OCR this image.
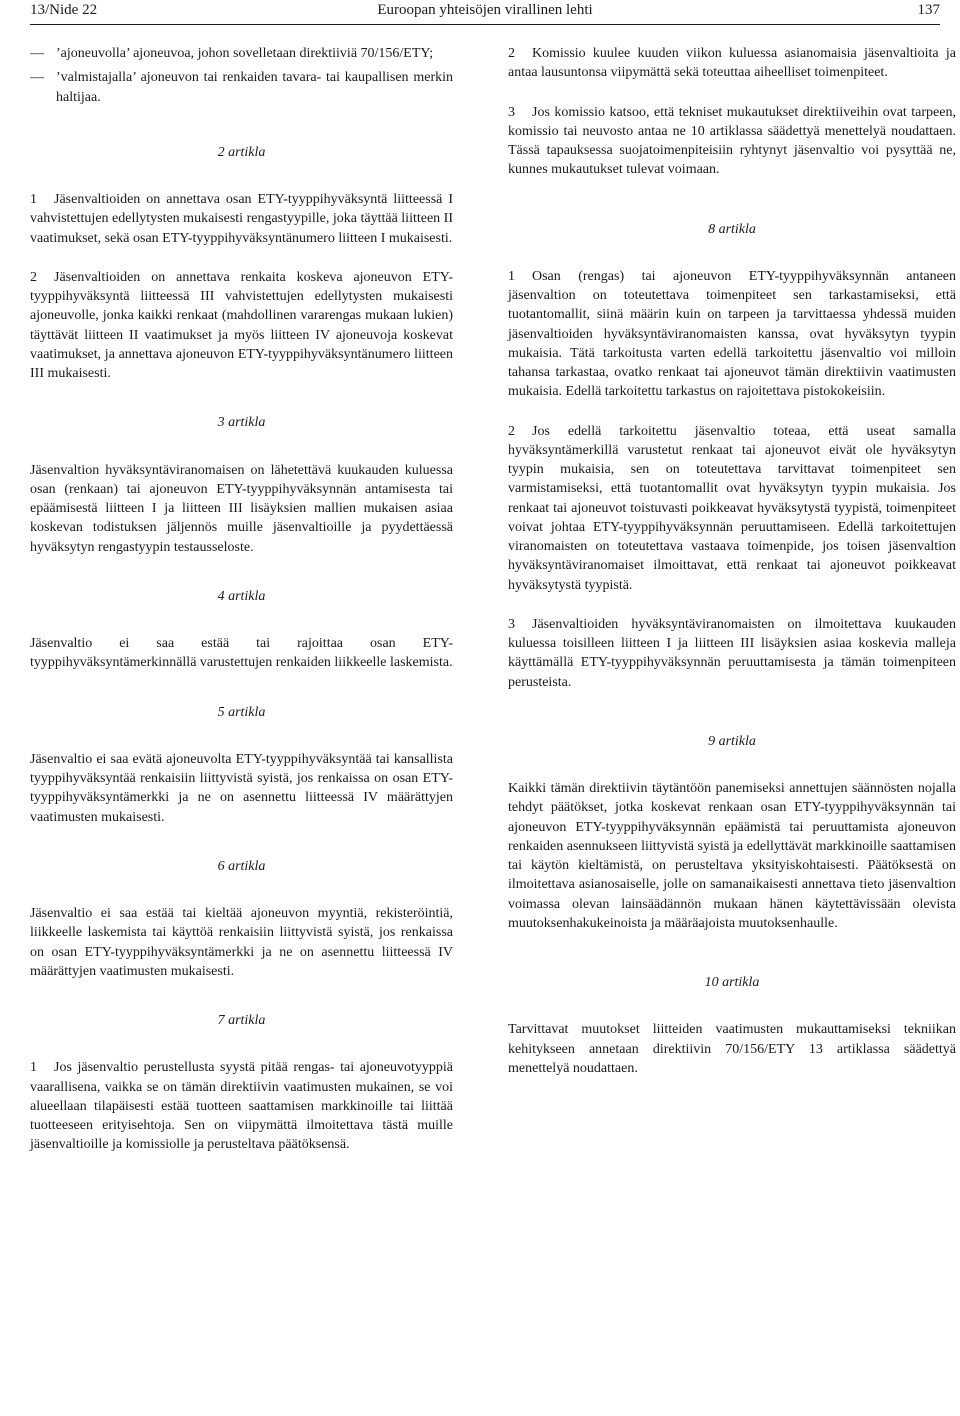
13/Nide 22	Euroopan yhteisöjen virallinen lehti	137
— ’ajoneuvolla’ ajoneuvoa, johon sovelletaan direktiiviä 70/156/ETY;
— ’valmistajalla’ ajoneuvon tai renkaiden tavara- tai kaupallisen merkin haltijaa.
2 artikla

1 Jäsenvaltioiden on annettava osan ETY-tyyppihyväksyntä liitteessä I vahvistettujen edellytysten mukaisesti rengastyypille, joka täyttää liitteen II vaatimukset, sekä osan ETY-tyyppihyväksyntänumero liitteen I mukaisesti.

2 Jäsenvaltioiden on annettava renkaita koskeva ajoneuvon ETY-tyyppihyväksyntä liitteessä III vahvistettujen edellytysten mukaisesti ajoneuvolle, jonka kaikki renkaat (mahdollinen vararengas mukaan lukien) täyttävät liitteen II vaatimukset ja myös liitteen IV ajoneuvoja koskevat vaatimukset, ja annettava ajoneuvon ETY-tyyppihyväksyntänumero liitteen III mukaisesti.

3 artikla

Jäsenvaltion hyväksyntäviranomaisen on lähetettävä kuukauden kuluessa osan (renkaan) tai ajoneuvon ETY-tyyppihyväksynnän antamisesta tai epäämisestä liitteen I ja liitteen III lisäyksien mallien mukaisen asiaa koskevan todistuksen jäljennös muille jäsenvaltioille ja pyydettäessä hyväksytyn rengastyypin testausseloste.

4 artikla

Jäsenvaltio ei saa estää tai rajoittaa osan ETY-tyyppihyväksyntämerkinnällä varustettujen renkaiden liikkeelle laskemista.

5 artikla

Jäsenvaltio ei saa evätä ajoneuvolta ETY-tyyppihyväksyntää tai kansallista tyyppihyväksyntää renkaisiin liittyvistä syistä, jos renkaissa on osan ETY-tyyppihyväksyntämerkki ja ne on asennettu liitteessä IV määrättyjen vaatimusten mukaisesti.

6 artikla

Jäsenvaltio ei saa estää tai kieltää ajoneuvon myyntiä, rekisteröintiä, liikkeelle laskemista tai käyttöä renkaisiin liittyvistä syistä, jos renkaissa on osan ETY-tyyppihyväksyntämerkki ja ne on asennettu liitteessä IV määrättyjen vaatimusten mukaisesti.

7 artikla

1 Jos jäsenvaltio perustellusta syystä pitää rengas- tai ajoneuvotyyppiä vaarallisena, vaikka se on tämän direktiivin vaatimusten mukainen, se voi alueellaan tilapäisesti estää tuotteen saattamisen markkinoille tai liittää tuotteeseen erityisehtoja. Sen on viipymättä ilmoitettava tästä muille jäsenvaltioille ja komissiolle ja perusteltava päätöksensä.

2 Komissio kuulee kuuden viikon kuluessa asianomaisia jäsenvaltioita ja antaa lausuntonsa viipymättä sekä toteuttaa aiheelliset toimenpiteet.

3 Jos komissio katsoo, että tekniset mukautukset direktiiveihin ovat tarpeen, komissio tai neuvosto antaa ne 10 artiklassa säädettyä menettelyä noudattaen. Tässä tapauksessa suojatoimenpiteisiin ryhtynyt jäsenvaltio voi pysyttää ne, kunnes mukautukset tulevat voimaan.

8 artikla

1 Osan (rengas) tai ajoneuvon ETY-tyyppihyväksynnän antaneen jäsenvaltion on toteutettava toimenpiteet sen tarkastamiseksi, että tuotantomallit, siinä määrin kuin on tarpeen ja tarvittaessa yhdessä muiden jäsenvaltioiden hyväksyntäviranomaisten kanssa, ovat hyväksytyn tyypin mukaisia. Tätä tarkoitusta varten edellä tarkoitettu jäsenvaltio voi milloin tahansa tarkastaa, ovatko renkaat tai ajoneuvot tämän direktiivin vaatimusten mukaisia. Edellä tarkoitettu tarkastus on rajoitettava pistokokeisiin.

2 Jos edellä tarkoitettu jäsenvaltio toteaa, että useat samalla hyväksyntämerkillä varustetut renkaat tai ajoneuvot eivät ole hyväksytyn tyypin mukaisia, sen on toteutettava tarvittavat toimenpiteet sen varmistamiseksi, että tuotantomallit ovat hyväksytyn tyypin mukaisia. Jos renkaat tai ajoneuvot toistuvasti poikkeavat hyväksytystä tyypistä, toimenpiteet voivat johtaa ETY-tyyppihyväksynnän peruuttamiseen. Edellä tarkoitettujen viranomaisten on toteutettava vastaava toimenpide, jos toisen jäsenvaltion hyväksyntäviranomaiset ilmoittavat, että renkaat tai ajoneuvot poikkeavat hyväksytystä tyypistä.

3 Jäsenvaltioiden hyväksyntäviranomaisten on ilmoitettava kuukauden kuluessa toisilleen liitteen I ja liitteen III lisäyksien asiaa koskevia malleja käyttämällä ETY-tyyppihyväksynnän peruuttamisesta ja tämän toimenpiteen perusteista.

9 artikla

Kaikki tämän direktiivin täytäntöön panemiseksi annettujen säännösten nojalla tehdyt päätökset, jotka koskevat renkaan osan ETY-tyyppihyväksynnän tai ajoneuvon ETY-tyyppihyväksynnän epäämistä tai peruuttamista ajoneuvon renkaiden asennukseen liittyvistä syistä ja edellyttävät markkinoille saattamisen tai käytön kieltämistä, on perusteltava yksityiskohtaisesti. Päätöksestä on ilmoitettava asianosaiselle, jolle on samanaikaisesti annettava tieto jäsenvaltion voimassa olevan lainsäädännön mukaan hänen käytettävissään olevista muutoksenhakukeinoista ja määräajoista muutoksenhaulle.

10 artikla

Tarvittavat muutokset liitteiden vaatimusten mukauttamiseksi tekniikan kehitykseen annetaan direktiivin 70/156/ETY 13 artiklassa säädettyä menettelyä noudattaen.
